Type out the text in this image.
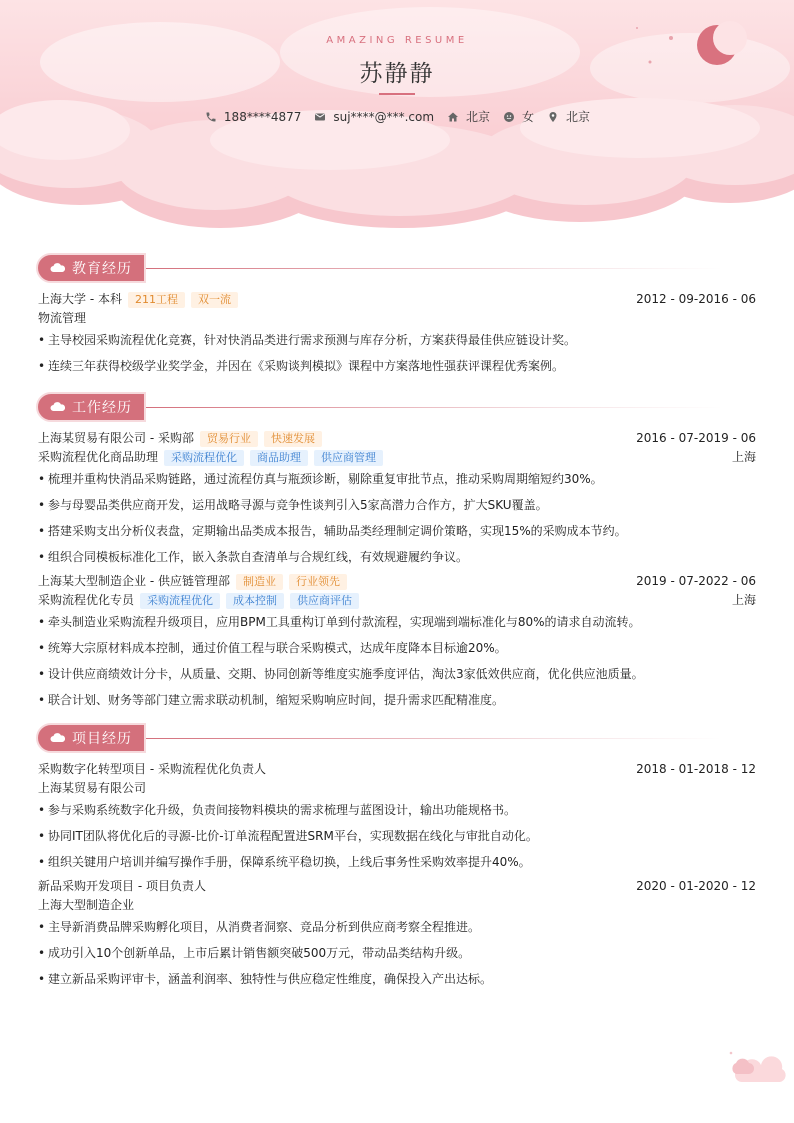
AMAZING RESUME
苏静静
188****4877	suj****@***.com	北京	女	北京
教育经历
上海大学 - 本科	211工程	双一流	2012 - 09-2016 - 06
物流管理
• 主导校园采购流程优化竞赛，针对快消品类进行需求预测与库存分析，方案获得最佳供应链设计奖。
• 连续三年获得校级学业奖学金，并因在《采购谈判模拟》课程中方案落地性强获评课程优秀案例。
工作经历
上海某贸易有限公司 - 采购部	贸易行业	快速发展	2016 - 07-2019 - 06
采购流程优化商品助理	采购流程优化	商品助理	供应商管理	上海
• 梳理并重构快消品采购链路，通过流程仿真与瓶颈诊断，剔除重复审批节点，推动采购周期缩短约30%。
• 参与母婴品类供应商开发，运用战略寻源与竞争性谈判引入5家高潜力合作方，扩大SKU覆盖。
• 搭建采购支出分析仪表盘，定期输出品类成本报告，辅助品类经理制定调价策略，实现15%的采购成本节约。
• 组织合同模板标准化工作，嵌入条款自查清单与合规红线，有效规避履约争议。
上海某大型制造企业 - 供应链管理部	制造业	行业领先	2019 - 07-2022 - 06
采购流程优化专员	采购流程优化	成本控制	供应商评估	上海
• 牵头制造业采购流程升级项目，应用BPM工具重构订单到付款流程，实现端到端标准化与80%的请求自动流转。
• 统筹大宗原材料成本控制，通过价值工程与联合采购模式，达成年度降本目标逾20%。
• 设计供应商绩效计分卡，从质量、交期、协同创新等维度实施季度评估，淘汰3家低效供应商，优化供应池质量。
• 联合计划、财务等部门建立需求联动机制，缩短采购响应时间，提升需求匹配精准度。
项目经历
采购数字化转型项目 - 采购流程优化负责人	2018 - 01-2018 - 12
上海某贸易有限公司
• 参与采购系统数字化升级，负责间接物料模块的需求梳理与蓝图设计，输出功能规格书。
• 协同IT团队将优化后的寻源-比价-订单流程配置进SRM平台，实现数据在线化与审批自动化。
• 组织关键用户培训并编写操作手册，保障系统平稳切换，上线后事务性采购效率提升40%。
新品采购开发项目 - 项目负责人	2020 - 01-2020 - 12
上海大型制造企业
• 主导新消费品牌采购孵化项目，从消费者洞察、竞品分析到供应商考察全程推进。
• 成功引入10个创新单品，上市后累计销售额突破500万元，带动品类结构升级。
• 建立新品采购评审卡，涵盖利润率、独特性与供应稳定性维度，确保投入产出达标。
